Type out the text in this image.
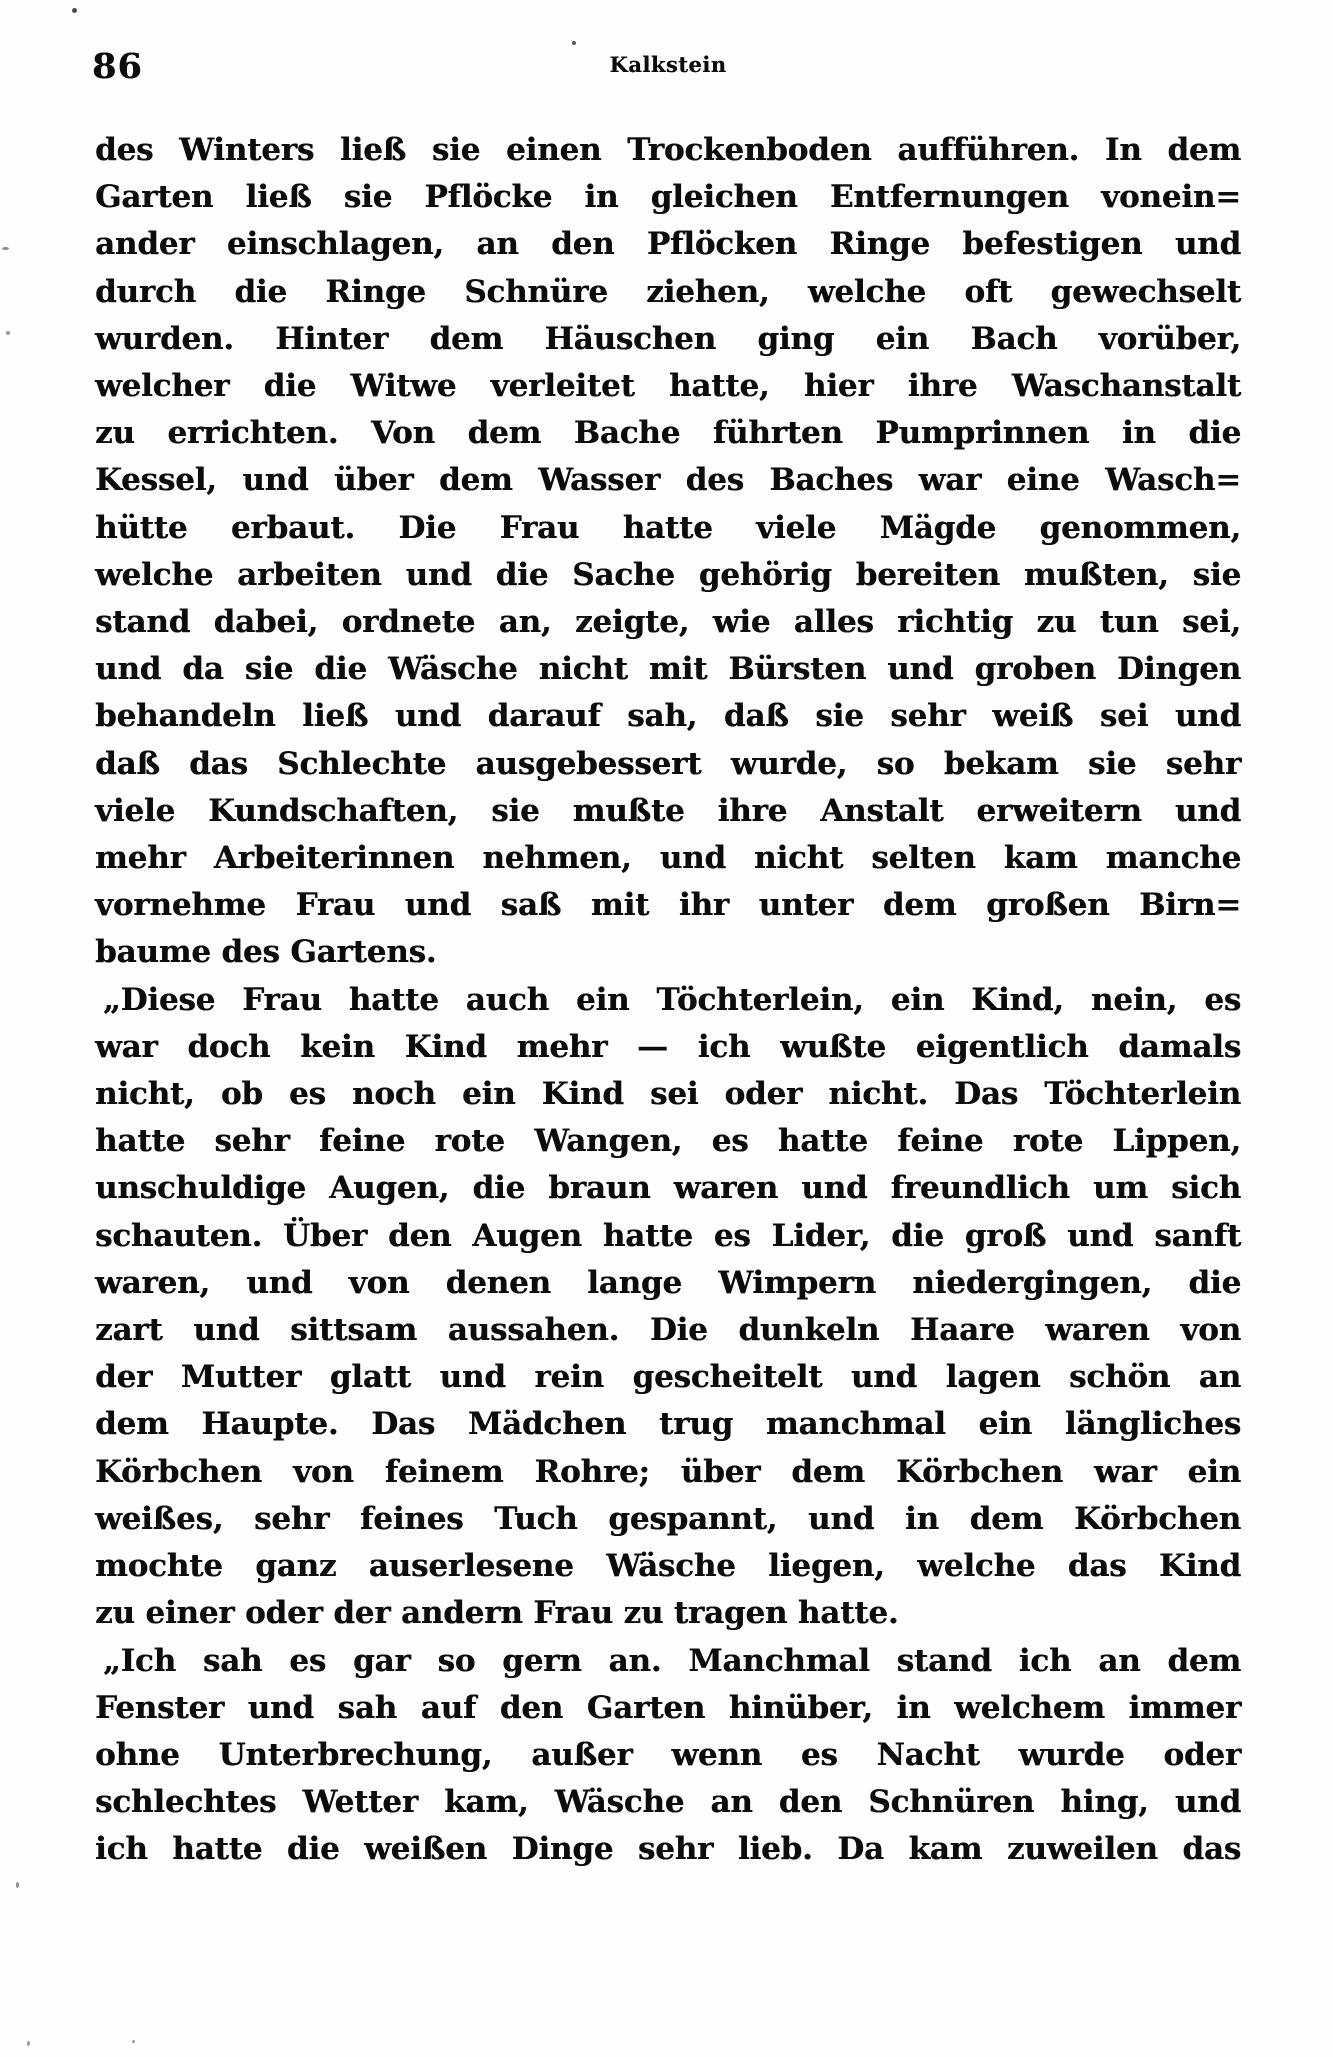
86	Kalkstein
des Winters ließ sie einen Trockenboden aufführen. In dem
Garten ließ sie Pflöcke in gleichen Entfernungen vonein=
ander einschlagen, an den Pflöcken Ringe befestigen und
durch die Ringe Schnüre ziehen, welche oft gewechselt
wurden. Hinter dem Häuschen ging ein Bach vorüber,
welcher die Witwe verleitet hatte, hier ihre Waschanstalt
zu errichten. Von dem Bache führten Pumprinnen in die
Kessel, und über dem Wasser des Baches war eine Wasch=
hütte erbaut. Die Frau hatte viele Mägde genommen,
welche arbeiten und die Sache gehörig bereiten mußten, sie
stand dabei, ordnete an, zeigte, wie alles richtig zu tun sei,
und da sie die Wäsche nicht mit Bürsten und groben Dingen
behandeln ließ und darauf sah, daß sie sehr weiß sei und
daß das Schlechte ausgebessert wurde, so bekam sie sehr
viele Kundschaften, sie mußte ihre Anstalt erweitern und
mehr Arbeiterinnen nehmen, und nicht selten kam manche
vornehme Frau und saß mit ihr unter dem großen Birn=
baume des Gartens.
„Diese Frau hatte auch ein Töchterlein, ein Kind, nein, es
war doch kein Kind mehr — ich wußte eigentlich damals
nicht, ob es noch ein Kind sei oder nicht. Das Töchterlein
hatte sehr feine rote Wangen, es hatte feine rote Lippen,
unschuldige Augen, die braun waren und freundlich um sich
schauten. Über den Augen hatte es Lider, die groß und sanft
waren, und von denen lange Wimpern niedergingen, die
zart und sittsam aussahen. Die dunkeln Haare waren von
der Mutter glatt und rein gescheitelt und lagen schön an
dem Haupte. Das Mädchen trug manchmal ein längliches
Körbchen von feinem Rohre; über dem Körbchen war ein
weißes, sehr feines Tuch gespannt, und in dem Körbchen
mochte ganz auserlesene Wäsche liegen, welche das Kind
zu einer oder der andern Frau zu tragen hatte.
„Ich sah es gar so gern an. Manchmal stand ich an dem
Fenster und sah auf den Garten hinüber, in welchem immer
ohne Unterbrechung, außer wenn es Nacht wurde oder
schlechtes Wetter kam, Wäsche an den Schnüren hing, und
ich hatte die weißen Dinge sehr lieb. Da kam zuweilen das
